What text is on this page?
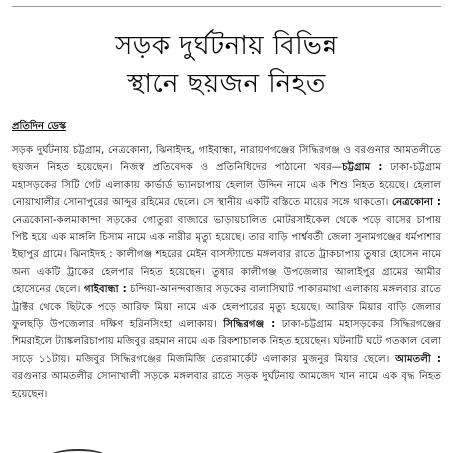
সড়ক দুর্ঘটনায় বিভিন্ন
স্থানে ছয়জন নিহত
প্রতিদিন ডেস্ক

সড়ক দুর্ঘটনায় চট্টগ্রাম, নেত্রকোনা, ঝিনাইদহ, গাইবান্ধা, নারায়ণগঞ্জের সিদ্ধিরগঞ্জ ও বরগুনার আমতলীতে ছয়জন নিহত হয়েছেন। নিজস্ব প্রতিবেদক ও প্রতিনিধিদের পাঠানো খবর—চট্টগ্রাম : ঢাকা-চট্টগ্রাম মহাসড়কের সিটি গেট এলাকায় কার্ভার্ড ভ্যানচাপায় হেলাল উদ্দিন নামে এক শিশু নিহত হয়েছে। হেলাল নোয়াখালীর সোনাপুরের আব্দুর রহিমের ছেলে। সে স্থানীয় একটি বস্তিতে মায়ের সঙ্গে থাকতো। নেত্রকোনা : নেত্রকোনা-কলমাকান্দা সড়কের গোতুরা বাজারে ভাড়ায়চালিত মোটরসাইকেল থেকে পড়ে বাসের চাপায় পিষ্ট হয়ে এক মাঙ্গলি চিসাম নামে এক নারীর মৃত্যু হয়েছে। তার বাড়ি পার্শ্ববর্তী জেলা সুনামগঞ্জের ধর্মপাশার ইছাপুর গ্রামে। ঝিনাইদহ : কালীগঞ্জ শহরের মেইন বাসস্ট্যান্ডে মঙ্গলবার রাতে ট্রাকচাপায় তুষার হোসেন নামে অন্য একটি ট্রাকের হেলপার নিহত হয়েছেন। তুষার কালীগঞ্জ উপজেলার আলাইপুর গ্রামের আমীর হোসেনের ছেলে। গাইবান্ধা : চন্দিয়া-আনন্দবাজার সড়কের বালাসিঘাট পাকারমাথা এলাকায় মঙ্গলবার রাতে ট্রাক্টর থেকে ছিটকে পড়ে আরিফ মিয়া নামে এক হেলপারের মৃত্যু হয়েছে। আরিফ মিয়ার বাড়ি জেলার ফুলছড়ি উপজেলার দক্ষিণ হরিনসিংহা এলাকায়। সিদ্ধিরগঞ্জ : ঢাকা-চট্টগ্রাম মহাসড়কের সিদ্ধিরগঞ্জের শিমরাইলে ট্যাঙ্কলরিচাপায় মজিবুর রহমান নামে এক রিকশাচালক নিহত হয়েছেন। ঘটনাটি ঘটে গতকাল বেলা সাড়ে ১১টায়। মজিবুর সিদ্ধিরগঞ্জের মিজমিজি তেরামার্কেট এলাকার মুজনুর মিয়ার ছেলে। আমতলী : বরগুনার আমতলীর সোনাখালী সড়কে মঙ্গলবার রাতে সড়ক দুর্ঘটনায় আমজেদ খান নামে এক বৃদ্ধ নিহত হয়েছেন।
